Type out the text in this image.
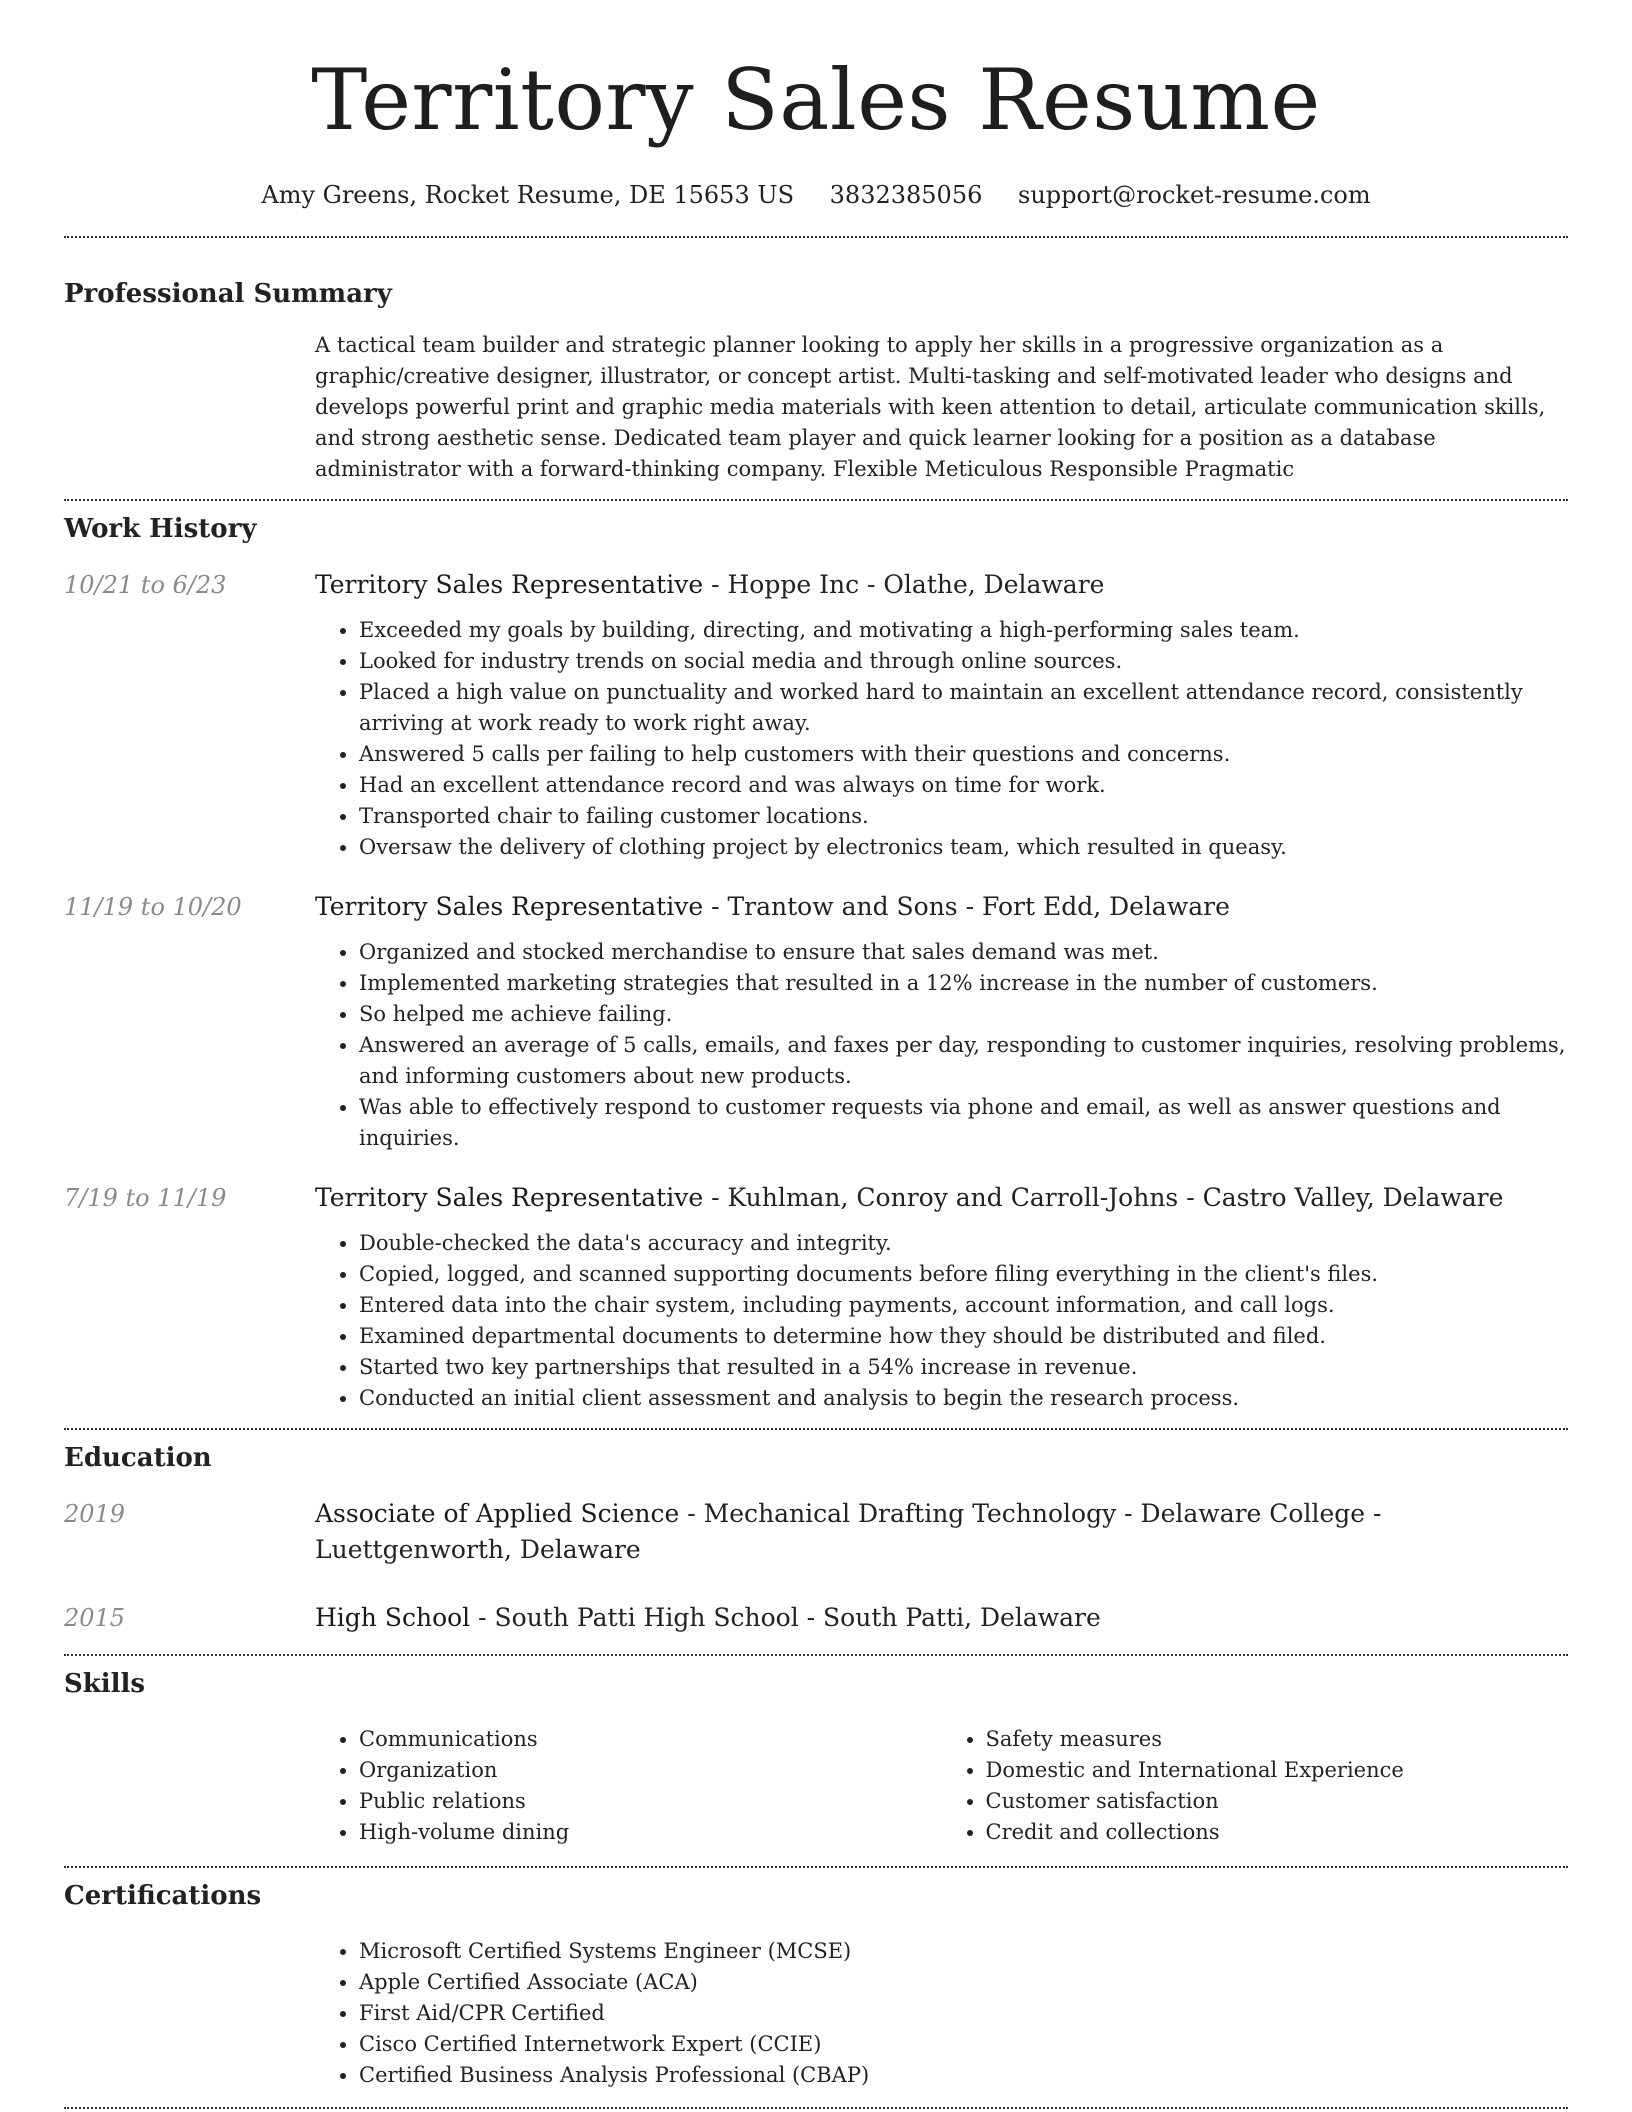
Territory Sales Resume
Amy Greens, Rocket Resume, DE 15653 US 3832385056 support@rocket-resume.com
Professional Summary
A tactical team builder and strategic planner looking to apply her skills in a progressive organization as a graphic/creative designer, illustrator, or concept artist. Multi-tasking and self-motivated leader who designs and develops powerful print and graphic media materials with keen attention to detail, articulate communication skills, and strong aesthetic sense. Dedicated team player and quick learner looking for a position as a database administrator with a forward-thinking company. Flexible Meticulous Responsible Pragmatic
Work History
10/21 to 6/23	Territory Sales Representative - Hoppe Inc - Olathe, Delaware
• Exceeded my goals by building, directing, and motivating a high-performing sales team.
• Looked for industry trends on social media and through online sources.
• Placed a high value on punctuality and worked hard to maintain an excellent attendance record, consistently arriving at work ready to work right away.
• Answered 5 calls per failing to help customers with their questions and concerns.
• Had an excellent attendance record and was always on time for work.
• Transported chair to failing customer locations.
• Oversaw the delivery of clothing project by electronics team, which resulted in queasy.
11/19 to 10/20	Territory Sales Representative - Trantow and Sons - Fort Edd, Delaware
• Organized and stocked merchandise to ensure that sales demand was met.
• Implemented marketing strategies that resulted in a 12% increase in the number of customers.
• So helped me achieve failing.
• Answered an average of 5 calls, emails, and faxes per day, responding to customer inquiries, resolving problems, and informing customers about new products.
• Was able to effectively respond to customer requests via phone and email, as well as answer questions and inquiries.
7/19 to 11/19	Territory Sales Representative - Kuhlman, Conroy and Carroll-Johns - Castro Valley, Delaware
• Double-checked the data's accuracy and integrity.
• Copied, logged, and scanned supporting documents before filing everything in the client's files.
• Entered data into the chair system, including payments, account information, and call logs.
• Examined departmental documents to determine how they should be distributed and filed.
• Started two key partnerships that resulted in a 54% increase in revenue.
• Conducted an initial client assessment and analysis to begin the research process.
Education
2019	Associate of Applied Science - Mechanical Drafting Technology - Delaware College - Luettgenworth, Delaware
2015	High School - South Patti High School - South Patti, Delaware
Skills
• Communications
• Organization
• Public relations
• High-volume dining
• Safety measures
• Domestic and International Experience
• Customer satisfaction
• Credit and collections
Certifications
• Microsoft Certified Systems Engineer (MCSE)
• Apple Certified Associate (ACA)
• First Aid/CPR Certified
• Cisco Certified Internetwork Expert (CCIE)
• Certified Business Analysis Professional (CBAP)
